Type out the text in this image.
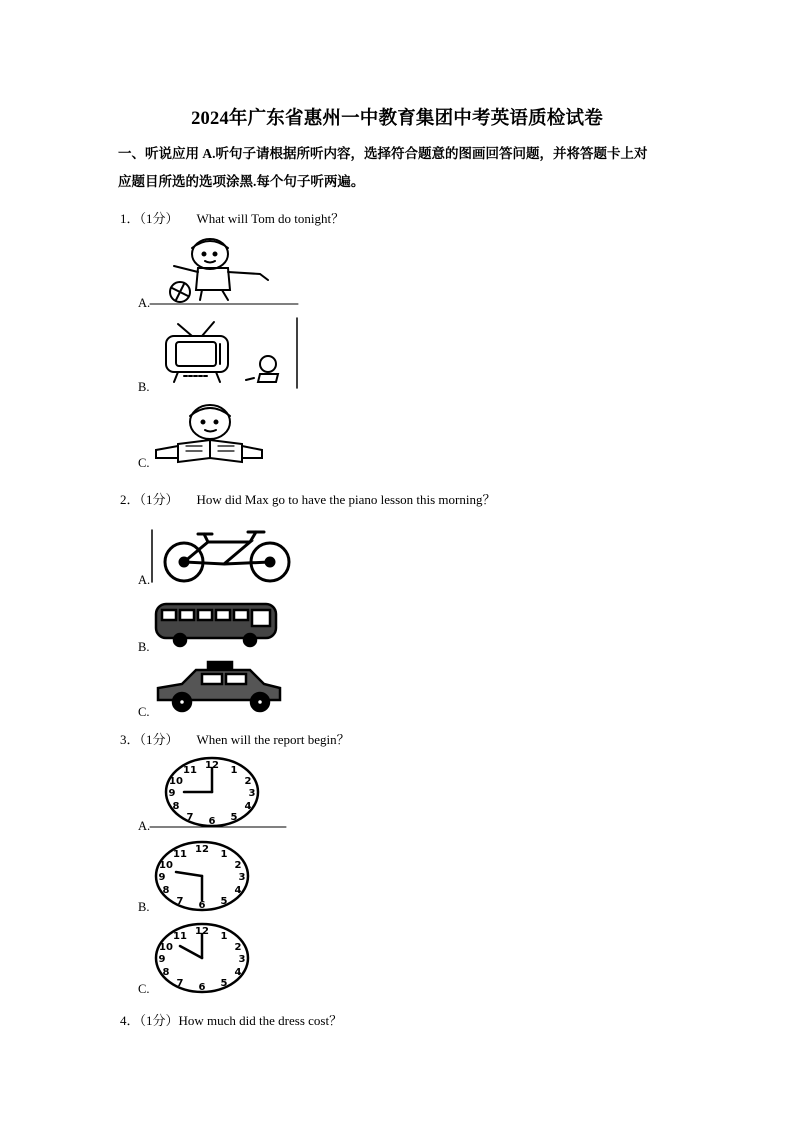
2024年广东省惠州一中教育集团中考英语质检试卷
一、听说应用 A.听句子请根据所听内容，选择符合题意的图画回答问题，并将答题卡上对
应题目所选的选项涂黑.每个句子听两遍。
1．（1分） What will Tom do tonight？
A.
B.
C.
2．（1分） How did Max go to have the piano lesson this morning？
A.
B.
C.
3．（1分） When will the report begin？
A.
12 1
2
3
4
5
6
7
8
9
10
11
B.
12 1
2
3
4
5
6
7
8
9
10
11
C.
12 1
2
3
4
5
6
7
8
9
10
11
4．（1分）How much did the dress cost？
